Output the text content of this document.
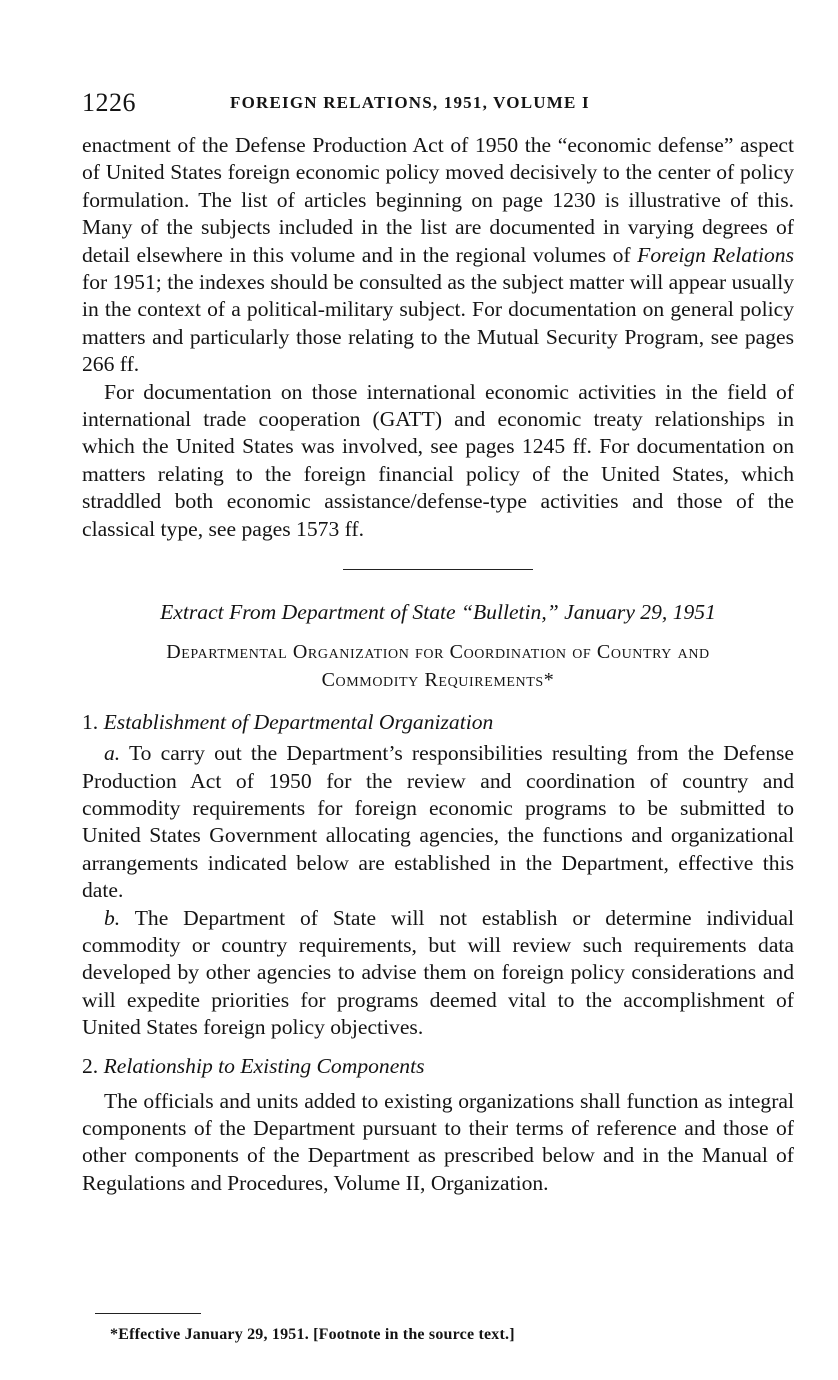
1226	FOREIGN RELATIONS, 1951, VOLUME I

enactment of the Defense Production Act of 1950 the “economic defense” aspect of United States foreign economic policy moved decisively to the center of policy formulation. The list of articles beginning on page 1230 is illustrative of this. Many of the subjects included in the list are documented in varying degrees of detail elsewhere in this volume and in the regional volumes of Foreign Relations for 1951; the indexes should be consulted as the subject matter will appear usually in the context of a political-military subject. For documentation on general policy matters and particularly those relating to the Mutual Security Program, see pages 266 ff.

For documentation on those international economic activities in the field of international trade cooperation (GATT) and economic treaty relationships in which the United States was involved, see pages 1245 ff. For documentation on matters relating to the foreign financial policy of the United States, which straddled both economic assistance/defense-type activities and those of the classical type, see pages 1573 ff.

Extract From Department of State “Bulletin,” January 29, 1951
Departmental Organization for Coordination of Country and
Commodity Requirements*
1. Establishment of Departmental Organization

a. To carry out the Department’s responsibilities resulting from the Defense Production Act of 1950 for the review and coordination of country and commodity requirements for foreign economic programs to be submitted to United States Government allocating agencies, the functions and organizational arrangements indicated below are established in the Department, effective this date.

b. The Department of State will not establish or determine individual commodity or country requirements, but will review such requirements data developed by other agencies to advise them on foreign policy considerations and will expedite priorities for programs deemed vital to the accomplishment of United States foreign policy objectives.

2. Relationship to Existing Components

The officials and units added to existing organizations shall function as integral components of the Department pursuant to their terms of reference and those of other components of the Department as prescribed below and in the Manual of Regulations and Procedures, Volume II, Organization.

*Effective January 29, 1951. [Footnote in the source text.]
